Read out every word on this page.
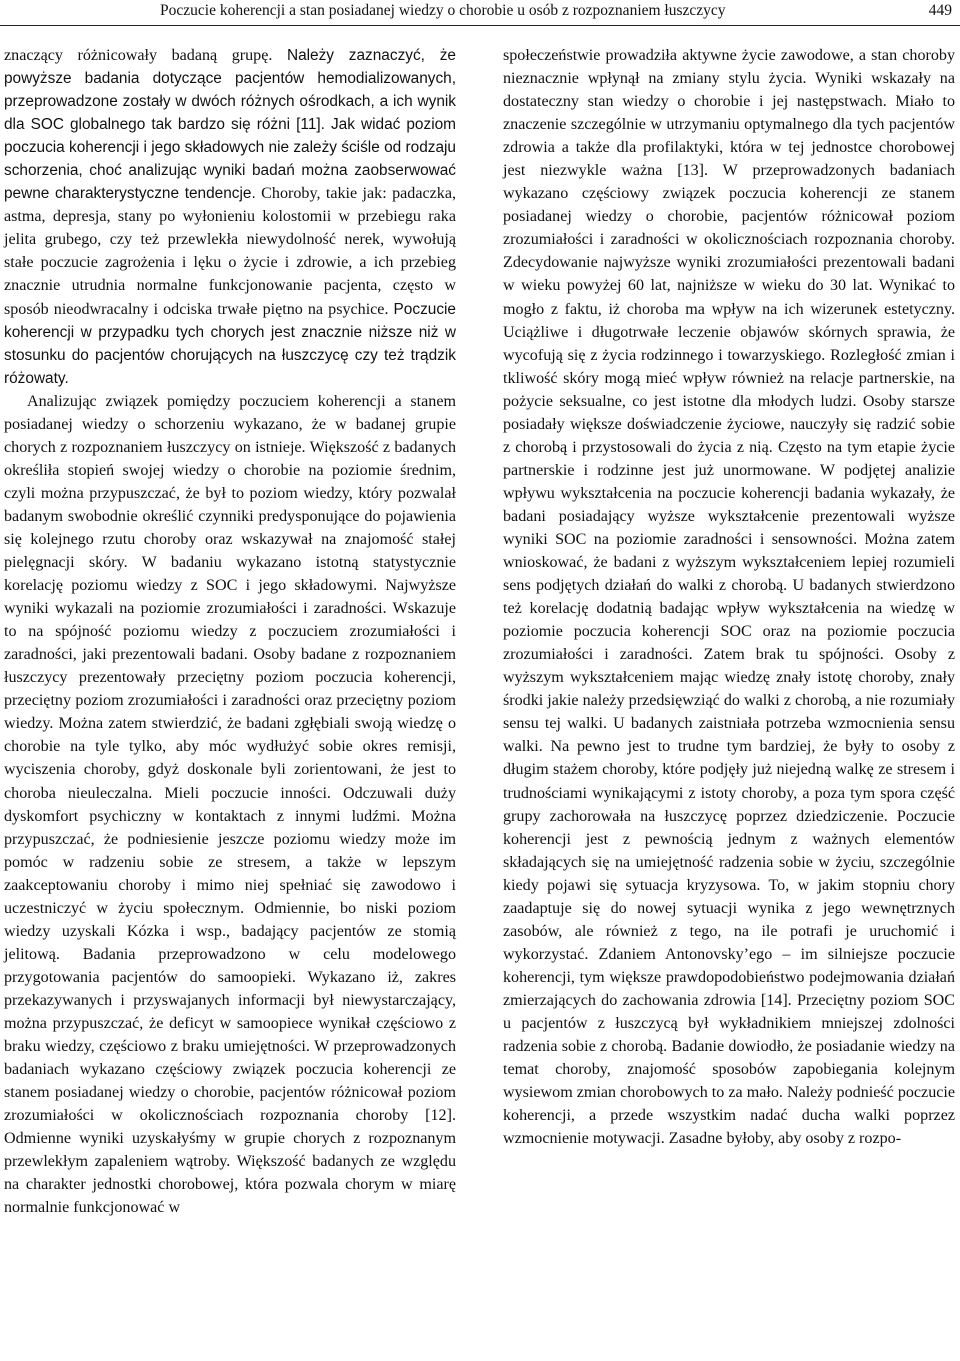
Poczucie koherencji a stan posiadanej wiedzy o chorobie u osób z rozpoznaniem łuszczycy	449

znaczący różnicowały badaną grupę. Należy zaznaczyć, że powyższe badania dotyczące pacjentów hemodializowanych, przeprowadzone zostały w dwóch różnych ośrodkach, a ich wynik dla SOC globalnego tak bardzo się różni [11]. Jak widać poziom poczucia koherencji i jego składowych nie zależy ściśle od rodzaju schorzenia, choć analizując wyniki badań można zaobserwować pewne charakterystyczne tendencje. Choroby, takie jak: padaczka, astma, depresja, stany po wyłonieniu kolostomii w przebiegu raka jelita grubego, czy też przewlekła niewydolność nerek, wywołują stałe poczucie zagrożenia i lęku o życie i zdrowie, a ich przebieg znacznie utrudnia normalne funkcjonowanie pacjenta, często w sposób nieodwracalny i odciska trwałe piętno na psychice. Poczucie koherencji w przypadku tych chorych jest znacznie niższe niż w stosunku do pacjentów chorujących na łuszczycę czy też trądzik różowaty.

Analizując związek pomiędzy poczuciem koherencji a stanem posiadanej wiedzy o schorzeniu wykazano, że w badanej grupie chorych z rozpoznaniem łuszczycy on istnieje. Większość z badanych określiła stopień swojej wiedzy o chorobie na poziomie średnim, czyli można przypuszczać, że był to poziom wiedzy, który pozwalał badanym swobodnie określić czynniki predysponujące do pojawienia się kolejnego rzutu choroby oraz wskazywał na znajomość stałej pielęgnacji skóry. W badaniu wykazano istotną statystycznie korelację poziomu wiedzy z SOC i jego składowymi. Najwyższe wyniki wykazali na poziomie zrozumiałości i zaradności. Wskazuje to na spójność poziomu wiedzy z poczuciem zrozumiałości i zaradności, jaki prezentowali badani. Osoby badane z rozpoznaniem łuszczycy prezentowały przeciętny poziom poczucia koherencji, przeciętny poziom zrozumiałości i zaradności oraz przeciętny poziom wiedzy. Można zatem stwierdzić, że badani zgłębiali swoją wiedzę o chorobie na tyle tylko, aby móc wydłużyć sobie okres remisji, wyciszenia choroby, gdyż doskonale byli zorientowani, że jest to choroba nieuleczalna. Mieli poczucie inności. Odczuwali duży dyskomfort psychiczny w kontaktach z innymi ludźmi. Można przypuszczać, że podniesienie jeszcze poziomu wiedzy może im pomóc w radzeniu sobie ze stresem, a także w lepszym zaakceptowaniu choroby i mimo niej spełniać się zawodowo i uczestniczyć w życiu społecznym. Odmiennie, bo niski poziom wiedzy uzyskali Kózka i wsp., badający pacjentów ze stomią jelitową. Badania przeprowadzono w celu modelowego przygotowania pacjentów do samoopieki. Wykazano iż, zakres przekazywanych i przyswajanych informacji był niewystarczający, można przypuszczać, że deficyt w samoopiece wynikał częściowo z braku wiedzy, częściowo z braku umiejętności. W przeprowadzonych badaniach wykazano częściowy związek poczucia koherencji ze stanem posiadanej wiedzy o chorobie, pacjentów różnicował poziom zrozumiałości w okolicznościach rozpoznania choroby [12]. Odmienne wyniki uzyskałyśmy w grupie chorych z rozpoznanym przewlekłym zapaleniem wątroby. Większość badanych ze względu na charakter jednostki chorobowej, która pozwala chorym w miarę normalnie funkcjonować w

społeczeństwie prowadziła aktywne życie zawodowe, a stan choroby nieznacznie wpłynął na zmiany stylu życia. Wyniki wskazały na dostateczny stan wiedzy o chorobie i jej następstwach. Miało to znaczenie szczególnie w utrzymaniu optymalnego dla tych pacjentów zdrowia a także dla profilaktyki, która w tej jednostce chorobowej jest niezwykle ważna [13]. W przeprowadzonych badaniach wykazano częściowy związek poczucia koherencji ze stanem posiadanej wiedzy o chorobie, pacjentów różnicował poziom zrozumiałości i zaradności w okolicznościach rozpoznania choroby. Zdecydowanie najwyższe wyniki zrozumiałości prezentowali badani w wieku powyżej 60 lat, najniższe w wieku do 30 lat. Wynikać to mogło z faktu, iż choroba ma wpływ na ich wizerunek estetyczny. Uciążliwe i długotrwałe leczenie objawów skórnych sprawia, że wycofują się z życia rodzinnego i towarzyskiego. Rozległość zmian i tkliwość skóry mogą mieć wpływ również na relacje partnerskie, na pożycie seksualne, co jest istotne dla młodych ludzi. Osoby starsze posiadały większe doświadczenie życiowe, nauczyły się radzić sobie z chorobą i przystosowali do życia z nią. Często na tym etapie życie partnerskie i rodzinne jest już unormowane. W podjętej analizie wpływu wykształcenia na poczucie koherencji badania wykazały, że badani posiadający wyższe wykształcenie prezentowali wyższe wyniki SOC na poziomie zaradności i sensowności. Można zatem wnioskować, że badani z wyższym wykształceniem lepiej rozumieli sens podjętych działań do walki z chorobą. U badanych stwierdzono też korelację dodatnią badając wpływ wykształcenia na wiedzę w poziomie poczucia koherencji SOC oraz na poziomie poczucia zrozumiałości i zaradności. Zatem brak tu spójności. Osoby z wyższym wykształceniem mając wiedzę znały istotę choroby, znały środki jakie należy przedsięwziąć do walki z chorobą, a nie rozumiały sensu tej walki. U badanych zaistniała potrzeba wzmocnienia sensu walki. Na pewno jest to trudne tym bardziej, że były to osoby z długim stażem choroby, które podjęły już niejedną walkę ze stresem i trudnościami wynikającymi z istoty choroby, a poza tym spora część grupy zachorowała na łuszczycę poprzez dziedziczenie. Poczucie koherencji jest z pewnością jednym z ważnych elementów składających się na umiejętność radzenia sobie w życiu, szczególnie kiedy pojawi się sytuacja kryzysowa. To, w jakim stopniu chory zaadaptuje się do nowej sytuacji wynika z jego wewnętrznych zasobów, ale również z tego, na ile potrafi je uruchomić i wykorzystać. Zdaniem Antonovsky’ego – im silniejsze poczucie koherencji, tym większe prawdopodobieństwo podejmowania działań zmierzających do zachowania zdrowia [14]. Przeciętny poziom SOC u pacjentów z łuszczycą był wykładnikiem mniejszej zdolności radzenia sobie z chorobą. Badanie dowiodło, że posiadanie wiedzy na temat choroby, znajomość sposobów zapobiegania kolejnym wysiewom zmian chorobowych to za mało. Należy podnieść poczucie koherencji, a przede wszystkim nadać ducha walki poprzez wzmocnienie motywacji. Zasadne byłoby, aby osoby z rozpo-
